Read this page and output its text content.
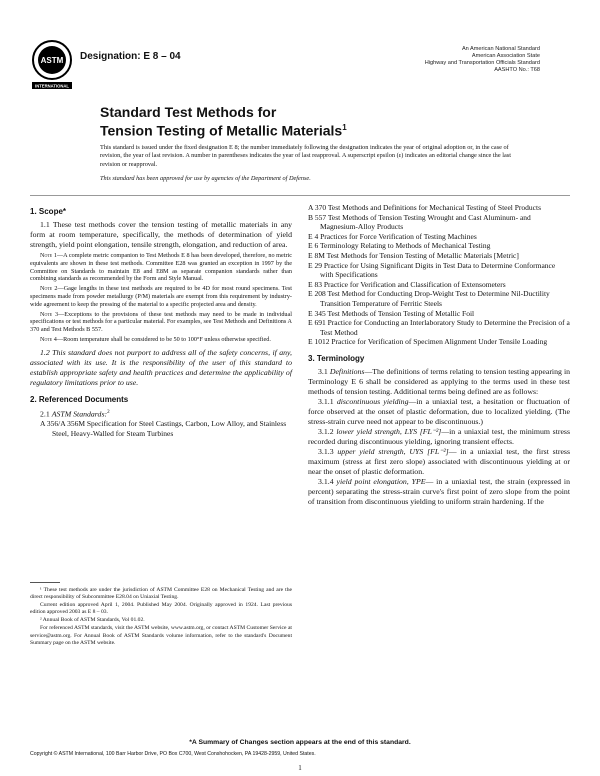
ASTM
INTERNATIONAL
Designation: E 8 – 04
An American National Standard
American Association State
Highway and Transportation Officials Standard
AASHTO No.: T68
Standard Test Methods for
Tension Testing of Metallic Materials$^1$

This standard is issued under the fixed designation E 8; the number immediately following the designation indicates the year of original adoption or, in the case of revision, the year of last revision. A number in parentheses indicates the year of last reapproval. A superscript epsilon (ε) indicates an editorial change since the last revision or reapproval.

This standard has been approved for use by agencies of the Department of Defense.

1. Scope*

1.1 These test methods cover the tension testing of metallic materials in any form at room temperature, specifically, the methods of determination of yield strength, yield point elongation, tensile strength, elongation, and reduction of area.

Note 1—A complete metric companion to Test Methods E 8 has been developed, therefore, no metric equivalents are shown in these test methods. Committee E28 was granted an exception in 1997 by the Committee on Standards to maintain E8 and E8M as separate companion standards rather than combining standards as recommended by the Form and Style Manual.

Note 2—Gage lengths in these test methods are required to be 4D for most round specimens. Test specimens made from powder metallurgy (P/M) materials are exempt from this requirement by industry-wide agreement to keep the pressing of the material to a specific projected area and density.

Note 3—Exceptions to the provisions of these test methods may need to be made in individual specifications or test methods for a particular material. For examples, see Test Methods and Definitions A 370 and Test Methods B 557.

Note 4—Room temperature shall be considered to be 50 to 100°F unless otherwise specified.

1.2 This standard does not purport to address all of the safety concerns, if any, associated with its use. It is the responsibility of the user of this standard to establish appropriate safety and health practices and determine the applicability of regulatory limitations prior to use.

2. Referenced Documents

2.1 ASTM Standards:$^2$

A 356/A 356M Specification for Steel Castings, Carbon, Low Alloy, and Stainless Steel, Heavy-Walled for Steam Turbines

¹ These test methods are under the jurisdiction of ASTM Committee E28 on Mechanical Testing and are the direct responsibility of Subcommittee E28.04 on Uniaxial Testing.

Current edition approved April 1, 2004. Published May 2004. Originally approved in 1924. Last previous edition approved 2003 as E 8 – 03.

² Annual Book of ASTM Standards, Vol 01.02.

For referenced ASTM standards, visit the ASTM website, www.astm.org, or contact ASTM Customer Service at service@astm.org. For Annual Book of ASTM Standards volume information, refer to the standard's Document Summary page on the ASTM website.

A 370 Test Methods and Definitions for Mechanical Testing of Steel Products

B 557 Test Methods of Tension Testing Wrought and Cast Aluminum- and Magnesium-Alloy Products

E 4 Practices for Force Verification of Testing Machines

E 6 Terminology Relating to Methods of Mechanical Testing

E 8M Test Methods for Tension Testing of Metallic Materials [Metric]

E 29 Practice for Using Significant Digits in Test Data to Determine Conformance with Specifications

E 83 Practice for Verification and Classification of Extensometers

E 208 Test Method for Conducting Drop-Weight Test to Determine Nil-Ductility Transition Temperature of Ferritic Steels

E 345 Test Methods of Tension Testing of Metallic Foil

E 691 Practice for Conducting an Interlaboratory Study to Determine the Precision of a Test Method

E 1012 Practice for Verification of Specimen Alignment Under Tensile Loading

3. Terminology

3.1 Definitions—The definitions of terms relating to tension testing appearing in Terminology E 6 shall be considered as applying to the terms used in these test methods of tension testing. Additional terms being defined are as follows:

3.1.1 discontinuous yielding—in a uniaxial test, a hesitation or fluctuation of force observed at the onset of plastic deformation, due to localized yielding. (The stress-strain curve need not appear to be discontinuous.)

3.1.2 lower yield strength, LYS [FL⁻²]—in a uniaxial test, the minimum stress recorded during discontinuous yielding, ignoring transient effects.

3.1.3 upper yield strength, UYS [FL⁻²]— in a uniaxial test, the first stress maximum (stress at first zero slope) associated with discontinuous yielding at or near the onset of plastic deformation.

3.1.4 yield point elongation, YPE— in a uniaxial test, the strain (expressed in percent) separating the stress-strain curve's first point of zero slope from the point of transition from discontinuous yielding to uniform strain hardening. If the

*A Summary of Changes section appears at the end of this standard.
Copyright © ASTM International, 100 Barr Harbor Drive, PO Box C700, West Conshohocken, PA 19428-2959, United States.
1
